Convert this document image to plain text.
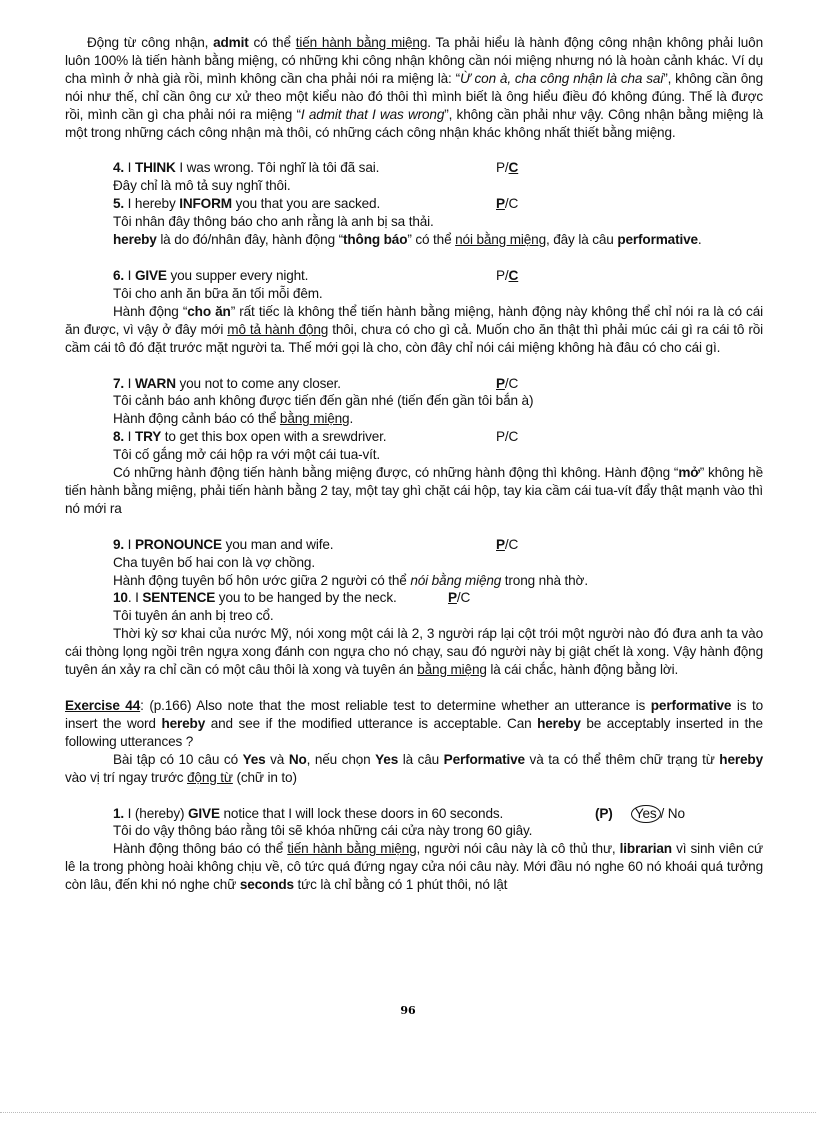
Động từ công nhận, admit có thể tiến hành bằng miệng. Ta phải hiểu là hành động công nhận không phải luôn luôn 100% là tiến hành bằng miệng, có những khi công nhận không cần nói miệng nhưng nó là hoàn cảnh khác. Ví dụ cha mình ở nhà già rồi, mình không cần cha phải nói ra miệng là: “Ừ con à, cha công nhận là cha sai”, không cần ông nói như thế, chỉ cần ông cư xử theo một kiểu nào đó thôi thì mình biết là ông hiểu điều đó không đúng. Thế là được rồi, mình cần gì cha phải nói ra miệng “I admit that I was wrong”, không cần phải như vậy. Công nhận bằng miệng là một trong những cách công nhận mà thôi, có những cách công nhận khác không nhất thiết bằng miệng.

4. I THINK I was wrong. Tôi nghĩ là tôi đã sai.	P/C
Đây chỉ là mô tả suy nghĩ thôi.
5. I hereby INFORM you that you are sacked.	P/C
Tôi nhân đây thông báo cho anh rằng là anh bị sa thải.

hereby là do đó/nhân đây, hành động “thông báo” có thể nói bằng miệng, đây là câu performative.

6. I GIVE you supper every night.	P/C
Tôi cho anh ăn bữa ăn tối mỗi đêm.

Hành động “cho ăn” rất tiếc là không thể tiến hành bằng miệng, hành động này không thể chỉ nói ra là có cái ăn được, vì vậy ở đây mới mô tả hành động thôi, chưa có cho gì cả. Muốn cho ăn thật thì phải múc cái gì ra cái tô rồi cầm cái tô đó đặt trước mặt người ta. Thế mới gọi là cho, còn đây chỉ nói cái miệng không hà đâu có cho cái gì.

7. I WARN you not to come any closer.	P/C
Tôi cảnh báo anh không được tiến đến gần nhé (tiến đến gần tôi bắn à)
Hành động cảnh báo có thể bằng miệng.
8. I TRY to get this box open with a srewdriver.	P/C
Tôi cố gắng mở cái hộp ra với một cái tua-vít.

Có những hành động tiến hành bằng miệng được, có những hành động thì không. Hành động “mở” không hề tiến hành bằng miệng, phải tiến hành bằng 2 tay, một tay ghì chặt cái hộp, tay kia cầm cái tua-vít đẩy thật mạnh vào thì nó mới ra

9. I PRONOUNCE you man and wife.	P/C
Cha tuyên bố hai con là vợ chồng.
Hành động tuyên bố hôn ước giữa 2 người có thể nói bằng miệng trong nhà thờ.
10. I SENTENCE you to be hanged by the neck.	P/C
Tôi tuyên án anh bị treo cổ.

Thời kỳ sơ khai của nước Mỹ, nói xong một cái là 2, 3 người ráp lại cột trói một người nào đó đưa anh ta vào cái thòng lọng ngồi trên ngựa xong đánh con ngựa cho nó chạy, sau đó người này bị giật chết là xong. Vậy hành động tuyên án xảy ra chỉ cần có một câu thôi là xong và tuyên án bằng miệng là cái chắc, hành động bằng lời.

Exercise 44: (p.166) Also note that the most reliable test to determine whether an utterance is performative is to insert the word hereby and see if the modified utterance is acceptable. Can hereby be acceptably inserted in the following utterances ?

Bài tập có 10 câu có Yes và No, nếu chọn Yes là câu Performative và ta có thể thêm chữ trạng từ hereby vào vị trí ngay trước động từ (chữ in to)

1. I (hereby) GIVE notice that I will lock these doors in 60 seconds.	(P) Yes / No
Tôi do vậy thông báo rằng tôi sẽ khóa những cái cửa này trong 60 giây.

Hành động thông báo có thể tiến hành bằng miệng, người nói câu này là cô thủ thư, librarian vì sinh viên cứ lê la trong phòng hoài không chịu về, cô tức quá đứng ngay cửa nói câu này. Mới đầu nó nghe 60 nó khoái quá tưởng còn lâu, đến khi nó nghe chữ seconds tức là chỉ bằng có 1 phút thôi, nó lật

96
